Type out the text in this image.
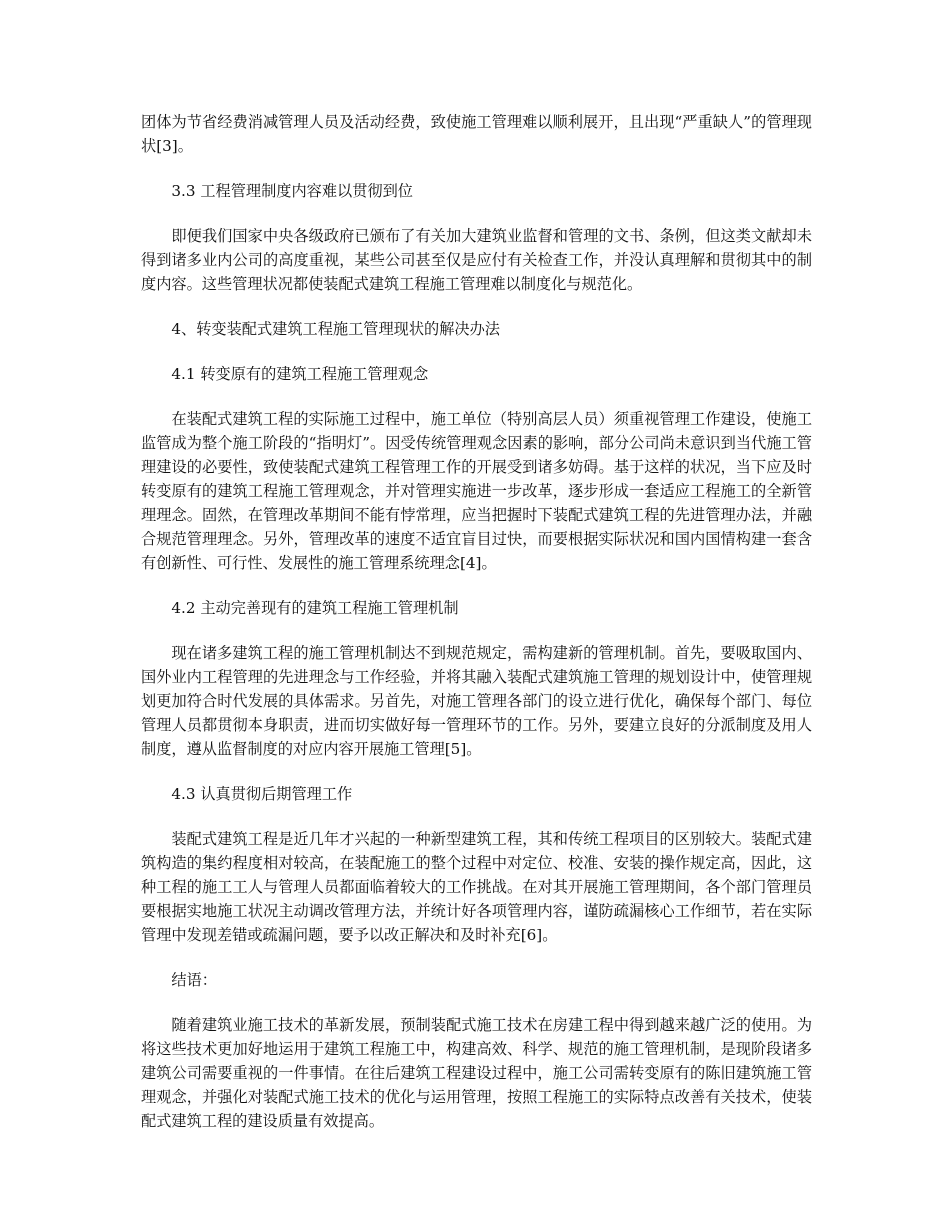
团体为节省经费消减管理人员及活动经费，致使施工管理难以顺利展开，且出现“严重缺人”的管理现状[3]。

3.3 工程管理制度内容难以贯彻到位

即便我们国家中央各级政府已颁布了有关加大建筑业监督和管理的文书、条例，但这类文献却未得到诸多业内公司的高度重视，某些公司甚至仅是应付有关检查工作，并没认真理解和贯彻其中的制度内容。这些管理状况都使装配式建筑工程施工管理难以制度化与规范化。

4、转变装配式建筑工程施工管理现状的解决办法

4.1 转变原有的建筑工程施工管理观念

在装配式建筑工程的实际施工过程中，施工单位（特别高层人员）须重视管理工作建设，使施工监管成为整个施工阶段的“指明灯”。因受传统管理观念因素的影响，部分公司尚未意识到当代施工管理建设的必要性，致使装配式建筑工程管理工作的开展受到诸多妨碍。基于这样的状况，当下应及时转变原有的建筑工程施工管理观念，并对管理实施进一步改革，逐步形成一套适应工程施工的全新管理理念。固然，在管理改革期间不能有悖常理，应当把握时下装配式建筑工程的先进管理办法，并融合规范管理理念。另外，管理改革的速度不适宜盲目过快，而要根据实际状况和国内国情构建一套含有创新性、可行性、发展性的施工管理系统理念[4]。

4.2 主动完善现有的建筑工程施工管理机制

现在诸多建筑工程的施工管理机制达不到规范规定，需构建新的管理机制。首先，要吸取国内、国外业内工程管理的先进理念与工作经验，并将其融入装配式建筑施工管理的规划设计中，使管理规划更加符合时代发展的具体需求。另首先，对施工管理各部门的设立进行优化，确保每个部门、每位管理人员都贯彻本身职责，进而切实做好每一管理环节的工作。另外，要建立良好的分派制度及用人制度，遵从监督制度的对应内容开展施工管理[5]。

4.3 认真贯彻后期管理工作

装配式建筑工程是近几年才兴起的一种新型建筑工程，其和传统工程项目的区别较大。装配式建筑构造的集约程度相对较高，在装配施工的整个过程中对定位、校准、安装的操作规定高，因此，这种工程的施工工人与管理人员都面临着较大的工作挑战。在对其开展施工管理期间，各个部门管理员要根据实地施工状况主动调改管理方法，并统计好各项管理内容，谨防疏漏核心工作细节，若在实际管理中发现差错或疏漏问题，要予以改正解决和及时补充[6]。

结语：

随着建筑业施工技术的革新发展，预制装配式施工技术在房建工程中得到越来越广泛的使用。为将这些技术更加好地运用于建筑工程施工中，构建高效、科学、规范的施工管理机制，是现阶段诸多建筑公司需要重视的一件事情。在往后建筑工程建设过程中，施工公司需转变原有的陈旧建筑施工管理观念，并强化对装配式施工技术的优化与运用管理，按照工程施工的实际特点改善有关技术，使装配式建筑工程的建设质量有效提高。
